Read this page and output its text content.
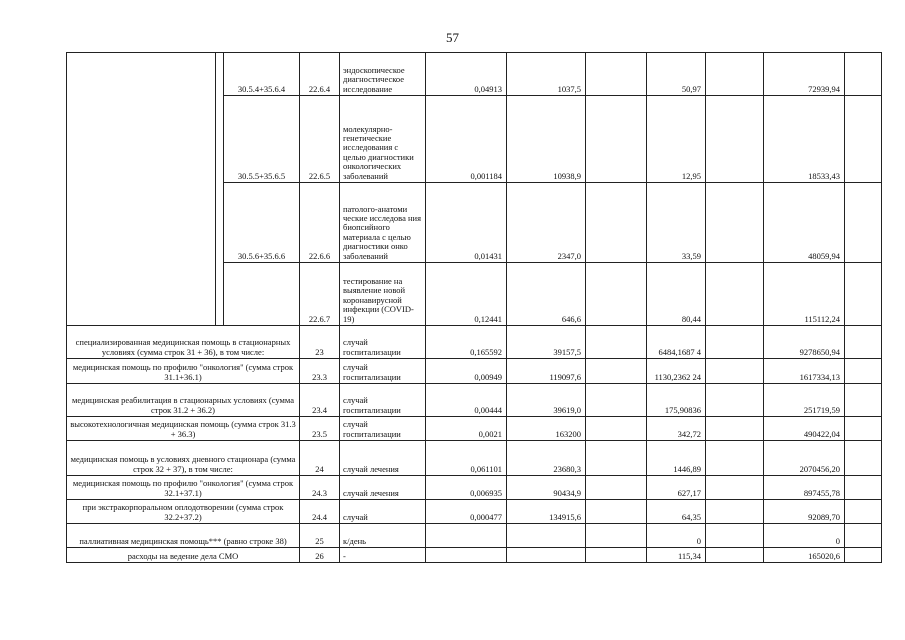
57
		30.5.4+35.6.4	22.6.4	эндоскопическое диагностическое исследование	0,04913	1037,5		50,97		72939,94	
		30.5.5+35.6.5	22.6.5	молекулярно-генетические исследования с целью диагностики онкологических заболеваний	0,001184	10938,9		12,95		18533,43	
		30.5.6+35.6.6	22.6.6	патолого-анатоми ческие исследова ния биопсийного материала с целью диагностики онко заболеваний	0,01431	2347,0		33,59		48059,94	
			22.6.7	тестирование на выявление новой коронавирусной инфекции (COVID-19)	0,12441	646,6		80,44		115112,24	
специализированная медицинская помощь в стационарных условиях (сумма строк 31 + 36), в том числе:			23	случай госпитализации	0,165592	39157,5		6484,1687 4		9278650,94	
медицинская помощь по профилю "онкология" (сумма строк 31.1+36.1)			23.3	случай госпитализации	0,00949	119097,6		1130,2362 24		1617334,13	
медицинская реабилитация в стационарных условиях (сумма строк 31.2 + 36.2)			23.4	случай госпитализации	0,00444	39619,0		175,90836		251719,59	
высокотехнологичная медицинская помощь (сумма строк 31.3 + 36.3)			23.5	случай госпитализации	0,0021	163200		342,72		490422,04	
медицинская помощь в условиях дневного стационара (сумма строк 32 + 37), в том числе:			24	случай лечения	0,061101	23680,3		1446,89		2070456,20	
медицинская помощь по профилю "онкология" (сумма строк 32.1+37.1)			24.3	случай лечения	0,006935	90434,9		627,17		897455,78	
при экстракорпоральном оплодотворении (сумма строк 32.2+37.2)			24.4	случай	0,000477	134915,6		64,35		92089,70	
паллиативная медицинская помощь*** (равно строке 38)			25	к/день				0		0	
расходы на ведение дела СМО			26	-				115,34		165020,6	
